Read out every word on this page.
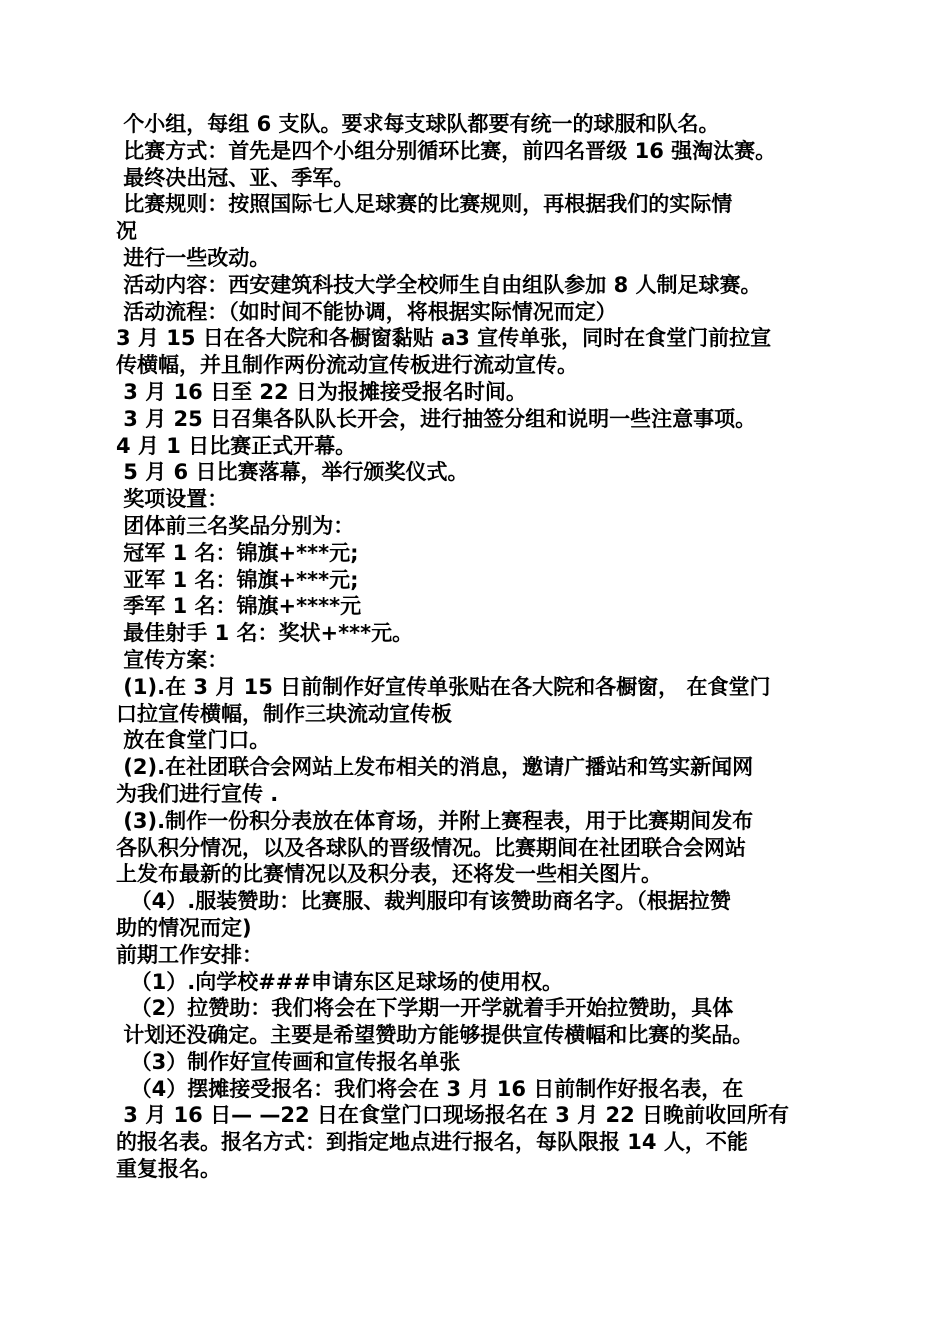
个小组，每组 6 支队。要求每支球队都要有统一的球服和队名。
比赛方式：首先是四个小组分别循环比赛，前四名晋级 16 强淘汰赛。
最终决出冠、亚、季军。
比赛规则：按照国际七人足球赛的比赛规则，再根据我们的实际情
况
进行一些改动。
活动内容：西安建筑科技大学全校师生自由组队参加 8 人制足球赛。
活动流程：（如时间不能协调，将根据实际情况而定）
3 月 15 日在各大院和各橱窗黏贴 a3 宣传单张，同时在食堂门前拉宣
传横幅，并且制作两份流动宣传板进行流动宣传。
3 月 16 日至 22 日为报摊接受报名时间。
3 月 25 日召集各队队长开会，进行抽签分组和说明一些注意事项。
4 月 1 日比赛正式开幕。
5 月 6 日比赛落幕，举行颁奖仪式。
奖项设置：
团体前三名奖品分别为：
冠军 1 名：锦旗+***元;
亚军 1 名：锦旗+***元;
季军 1 名：锦旗+****元
最佳射手 1 名：奖状+***元。
宣传方案：
(1).在 3 月 15 日前制作好宣传单张贴在各大院和各橱窗， 在食堂门
口拉宣传横幅，制作三块流动宣传板
放在食堂门口。
(2).在社团联合会网站上发布相关的消息，邀请广播站和笃实新闻网
为我们进行宣传 .
(3).制作一份积分表放在体育场，并附上赛程表，用于比赛期间发布
各队积分情况，以及各球队的晋级情况。比赛期间在社团联合会网站
上发布最新的比赛情况以及积分表，还将发一些相关图片。
（4）.服装赞助：比赛服、裁判服印有该赞助商名字。（根据拉赞
助的情况而定)
前期工作安排：
（1）.向学校###申请东区足球场的使用权。
（2）拉赞助：我们将会在下学期一开学就着手开始拉赞助，具体
计划还没确定。主要是希望赞助方能够提供宣传横幅和比赛的奖品。
（3）制作好宣传画和宣传报名单张
（4）摆摊接受报名：我们将会在 3 月 16 日前制作好报名表，在
3 月 16 日— —22 日在食堂门口现场报名在 3 月 22 日晚前收回所有
的报名表。报名方式：到指定地点进行报名，每队限报 14 人，不能
重复报名。
